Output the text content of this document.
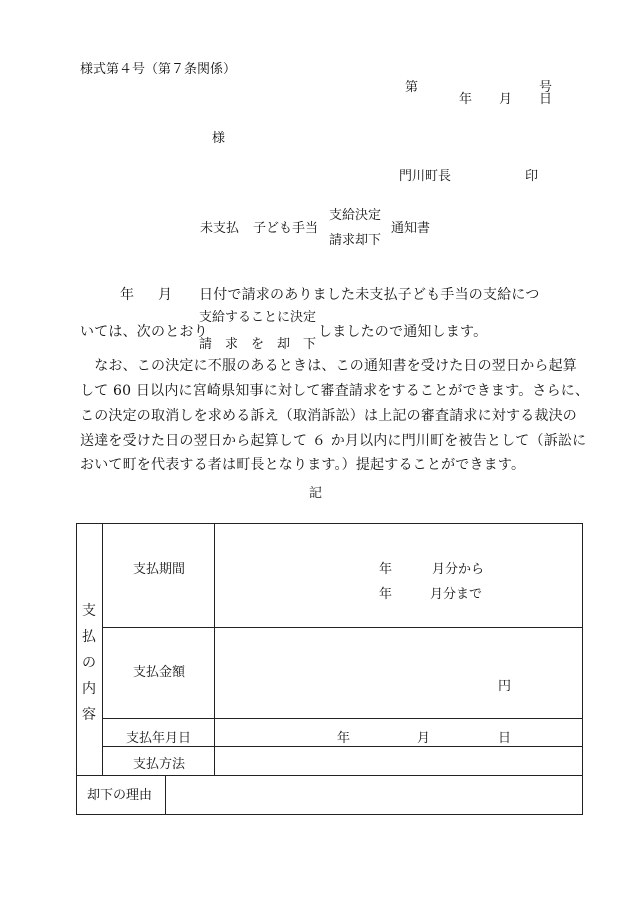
様式第４号（第７条関係）
第	号
年 月 日
様
門川町長	印
未支払 子ども手当
支給決定
請求却下
通知書
年 月 日付で請求のありました未支払子ども手当の支給につ
支給することに決定
いては、次のとおり
請　求　を　却　下
しましたので通知します。
　なお、この決定に不服のあるときは、この通知書を受けた日の翌日から起算
して 60 日以内に宮崎県知事に対して審査請求をすることができます。さらに、
この決定の取消しを求める訴え（取消訴訟）は上記の審査請求に対する裁決の
送達を受けた日の翌日から起算して ６ か月以内に門川町を被告として（訴訟に
おいて町を代表する者は町長となります。）提起することができます。
記
支
払
の
内
容
支払期間	年	月分から
年	月分まで
支払金額
円
支払年月日	年	月	日
支払方法
却下の理由
